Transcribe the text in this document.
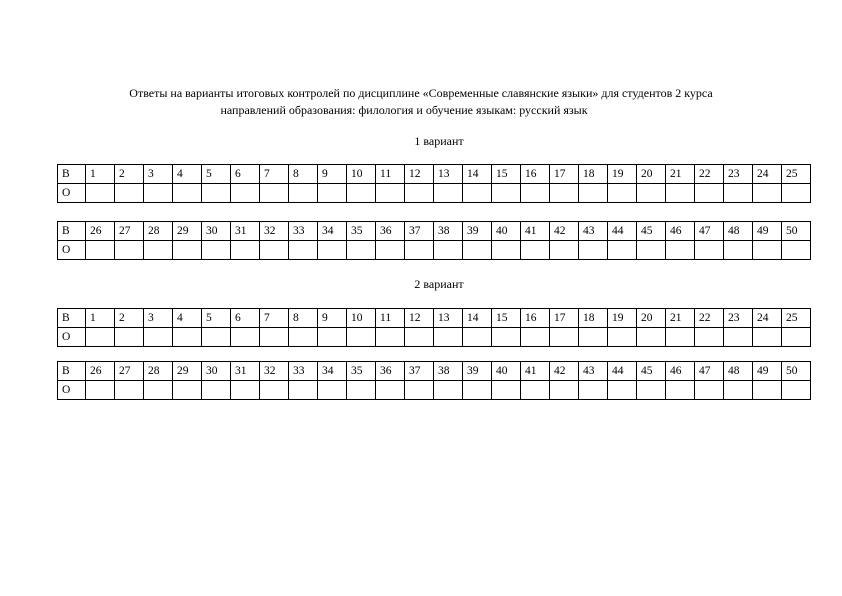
Ответы на варианты итоговых контролей по дисциплине «Современные славянские языки» для студентов 2 курса

направлений образования: филология и обучение языкам: русский язык

1 вариант
В	1	2	3	4	5	6	7	8	9	10	11	12	13	14	15	16	17	18	19	20	21	22	23	24	25
О																									
В	26	27	28	29	30	31	32	33	34	35	36	37	38	39	40	41	42	43	44	45	46	47	48	49	50
О																									
2 вариант
В	1	2	3	4	5	6	7	8	9	10	11	12	13	14	15	16	17	18	19	20	21	22	23	24	25
О																									
В	26	27	28	29	30	31	32	33	34	35	36	37	38	39	40	41	42	43	44	45	46	47	48	49	50
О																									
